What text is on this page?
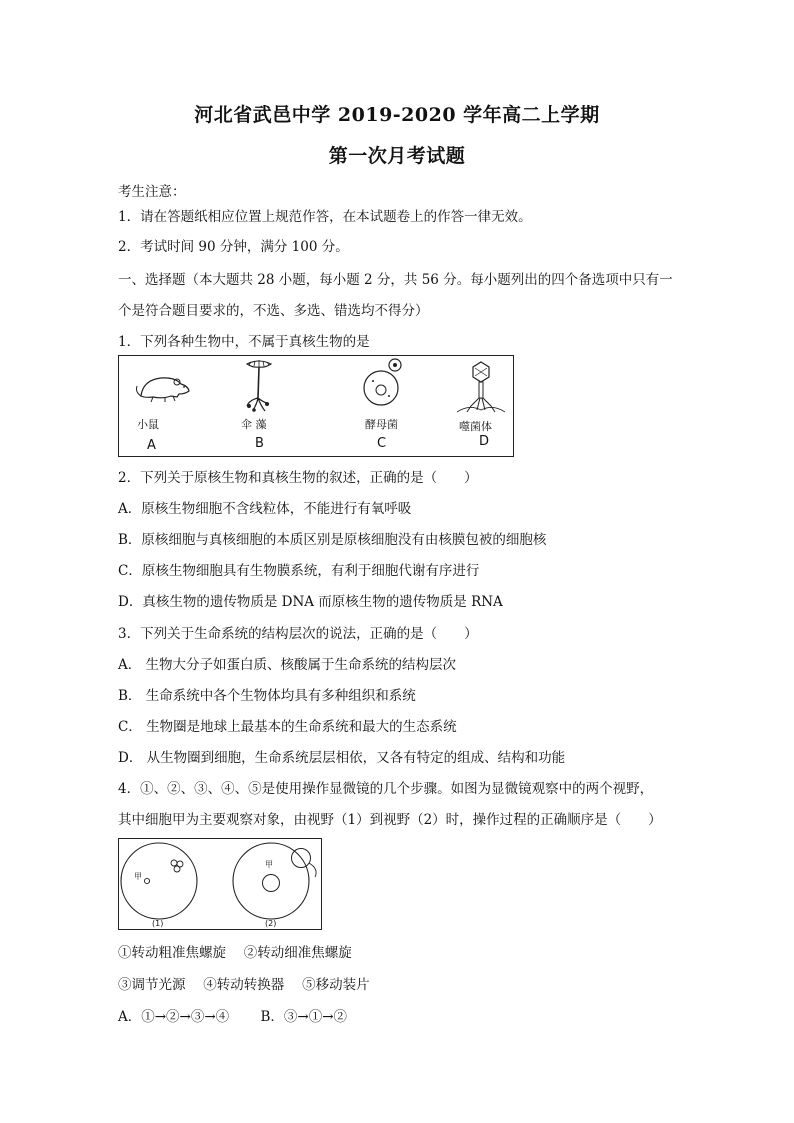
河北省武邑中学 2019-2020 学年高二上学期
第一次月考试题
考生注意：
1．请在答题纸相应位置上规范作答，在本试题卷上的作答一律无效。
2．考试时间 90 分钟，满分 100 分。
一、选择题（本大题共 28 小题，每小题 2 分，共 56 分。每小题列出的四个备选项中只有一
个是符合题目要求的，不选、多选、错选均不得分）
1．下列各种生物中，不属于真核生物的是
小鼠
A
伞 藻
B
酵母菌
C
噬菌体
D
2．下列关于原核生物和真核生物的叙述，正确的是（　　）
A．原核生物细胞不含线粒体，不能进行有氧呼吸
B．原核细胞与真核细胞的本质区别是原核细胞没有由核膜包被的细胞核
C．原核生物细胞具有生物膜系统，有利于细胞代谢有序进行
D．真核生物的遗传物质是 DNA 而原核生物的遗传物质是 RNA
3．下列关于生命系统的结构层次的说法，正确的是（　　）
A． 生物大分子如蛋白质、核酸属于生命系统的结构层次
B． 生命系统中各个生物体均具有多种组织和系统
C． 生物圈是地球上最基本的生命系统和最大的生态系统
D． 从生物圈到细胞，生命系统层层相依，又各有特定的组成、结构和功能
4．①、②、③、④、⑤是使用操作显微镜的几个步骤。如图为显微镜观察中的两个视野，
其中细胞甲为主要观察对象，由视野（1）到视野（2）时，操作过程的正确顺序是（　　）
甲
甲
(1)	(2)
①转动粗准焦螺旋　 ②转动细准焦螺旋
③调节光源　 ④转动转换器　 ⑤移动装片
A．①→②→③→④　　 B．③→①→②
